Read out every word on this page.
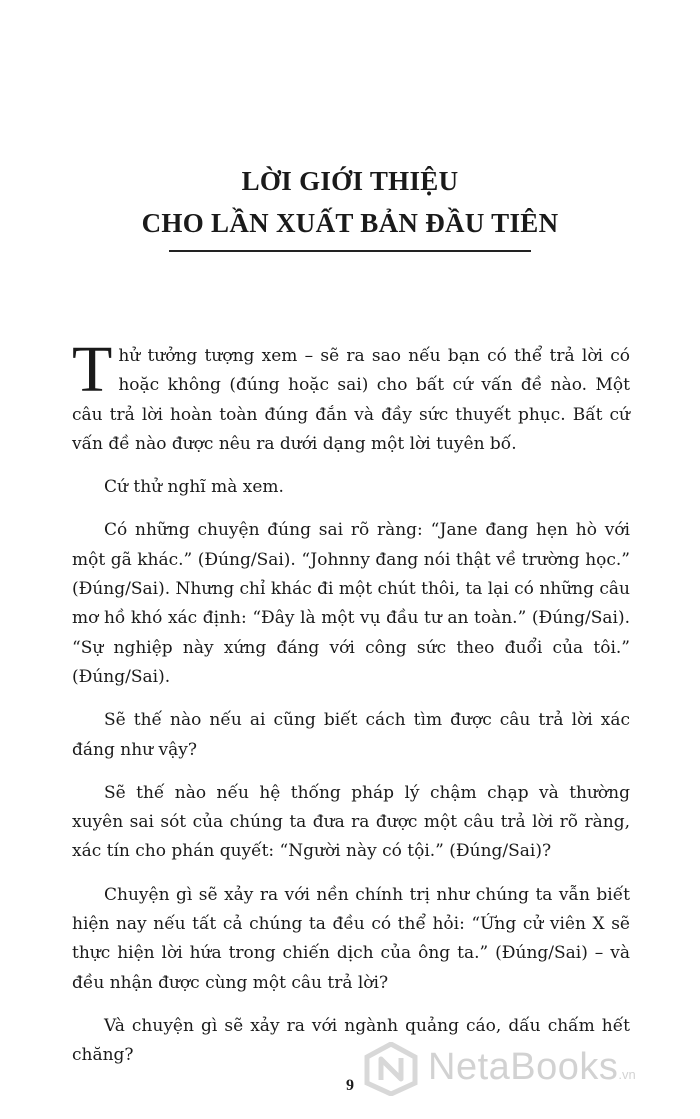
LỜI GIỚI THIỆU
CHO LẦN XUẤT BẢN ĐẦU TIÊN

Thử tưởng tượng xem – sẽ ra sao nếu bạn có thể trả lời có hoặc không (đúng hoặc sai) cho bất cứ vấn đề nào. Một câu trả lời hoàn toàn đúng đắn và đầy sức thuyết phục. Bất cứ vấn đề nào được nêu ra dưới dạng một lời tuyên bố.

Cứ thử nghĩ mà xem.

Có những chuyện đúng sai rõ ràng: “Jane đang hẹn hò với một gã khác.” (Đúng/Sai). “Johnny đang nói thật về trường học.” (Đúng/Sai). Nhưng chỉ khác đi một chút thôi, ta lại có những câu mơ hồ khó xác định: “Đây là một vụ đầu tư an toàn.” (Đúng/Sai). “Sự nghiệp này xứng đáng với công sức theo đuổi của tôi.” (Đúng/Sai).

Sẽ thế nào nếu ai cũng biết cách tìm được câu trả lời xác đáng như vậy?

Sẽ thế nào nếu hệ thống pháp lý chậm chạp và thường xuyên sai sót của chúng ta đưa ra được một câu trả lời rõ ràng, xác tín cho phán quyết: “Người này có tội.” (Đúng/Sai)?

Chuyện gì sẽ xảy ra với nền chính trị như chúng ta vẫn biết hiện nay nếu tất cả chúng ta đều có thể hỏi: “Ứng cử viên X sẽ thực hiện lời hứa trong chiến dịch của ông ta.” (Đúng/Sai) – và đều nhận được cùng một câu trả lời?

Và chuyện gì sẽ xảy ra với ngành quảng cáo, dấu chấm hết chăng?

9	NetaBooks.vn
